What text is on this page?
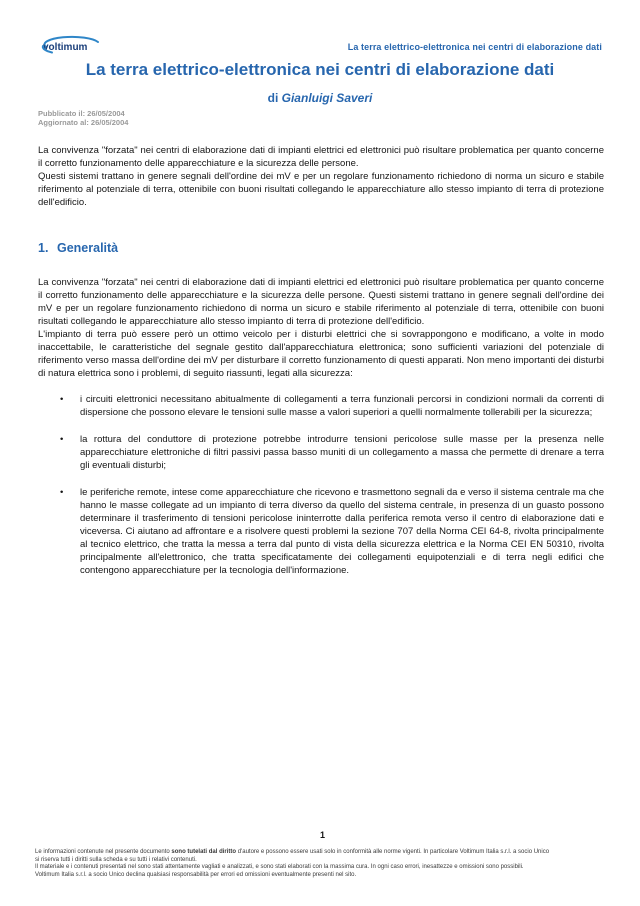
voltimum	La terra elettrico-elettronica nei centri di elaborazione dati
La terra elettrico-elettronica nei centri di elaborazione dati
di Gianluigi Saveri
Pubblicato il: 26/05/2004
Aggiornato al: 26/05/2004

La convivenza "forzata" nei centri di elaborazione dati di impianti elettrici ed elettronici può risultare problematica per quanto concerne il corretto funzionamento delle apparecchiature e la sicurezza delle persone.

Questi sistemi trattano in genere segnali dell'ordine dei mV e per un regolare funzionamento richiedono di norma un sicuro e stabile riferimento al potenziale di terra, ottenibile con buoni risultati collegando le apparecchiature allo stesso impianto di terra di protezione dell'edificio.

1. Generalità

La convivenza "forzata" nei centri di elaborazione dati di impianti elettrici ed elettronici può risultare problematica per quanto concerne il corretto funzionamento delle apparecchiature e la sicurezza delle persone. Questi sistemi trattano in genere segnali dell'ordine dei mV e per un regolare funzionamento richiedono di norma un sicuro e stabile riferimento al potenziale di terra, ottenibile con buoni risultati collegando le apparecchiature allo stesso impianto di terra di protezione dell'edificio.

L'impianto di terra può essere però un ottimo veicolo per i disturbi elettrici che si sovrappongono e modificano, a volte in modo inaccettabile, le caratteristiche del segnale gestito dall'apparecchiatura elettronica; sono sufficienti variazioni del potenziale di riferimento verso massa dell'ordine dei mV per disturbare il corretto funzionamento di questi apparati. Non meno importanti dei disturbi di natura elettrica sono i problemi, di seguito riassunti, legati alla sicurezza:

•	i circuiti elettronici necessitano abitualmente di collegamenti a terra funzionali percorsi in condizioni normali da correnti di dispersione che possono elevare le tensioni sulle masse a valori superiori a quelli normalmente tollerabili per la sicurezza;
•	la rottura del conduttore di protezione potrebbe introdurre tensioni pericolose sulle masse per la presenza nelle apparecchiature elettroniche di filtri passivi passa basso muniti di un collegamento a massa che permette di drenare a terra gli eventuali disturbi;
•	le periferiche remote, intese come apparecchiature che ricevono e trasmettono segnali da e verso il sistema centrale ma che hanno le masse collegate ad un impianto di terra diverso da quello del sistema centrale, in presenza di un guasto possono determinare il trasferimento di tensioni pericolose ininterrotte dalla periferica remota verso il centro di elaborazione dati e viceversa. Ci aiutano ad affrontare e a risolvere questi problemi la sezione 707 della Norma CEI 64-8, rivolta principalmente al tecnico elettrico, che tratta la messa a terra dal punto di vista della sicurezza elettrica e la Norma CEI EN 50310, rivolta principalmente all'elettronico, che tratta specificatamente dei collegamenti equipotenziali e di terra negli edifici che contengono apparecchiature per la tecnologia dell'informazione.
1
Le informazioni contenute nel presente documento sono tutelati dal diritto d'autore e possono essere usati solo in conformità alle norme vigenti. In particolare Voltimum Italia s.r.l. a socio Unico
si riserva tutti i diritti sulla scheda e su tutti i relativi contenuti.
Il materiale e i contenuti presentati nel sono stati attentamente vagliati e analizzati, e sono stati elaborati con la massima cura. In ogni caso errori, inesattezze e omissioni sono possibili.
Voltimum Italia s.r.l. a socio Unico declina qualsiasi responsabilità per errori ed omissioni eventualmente presenti nel sito.
